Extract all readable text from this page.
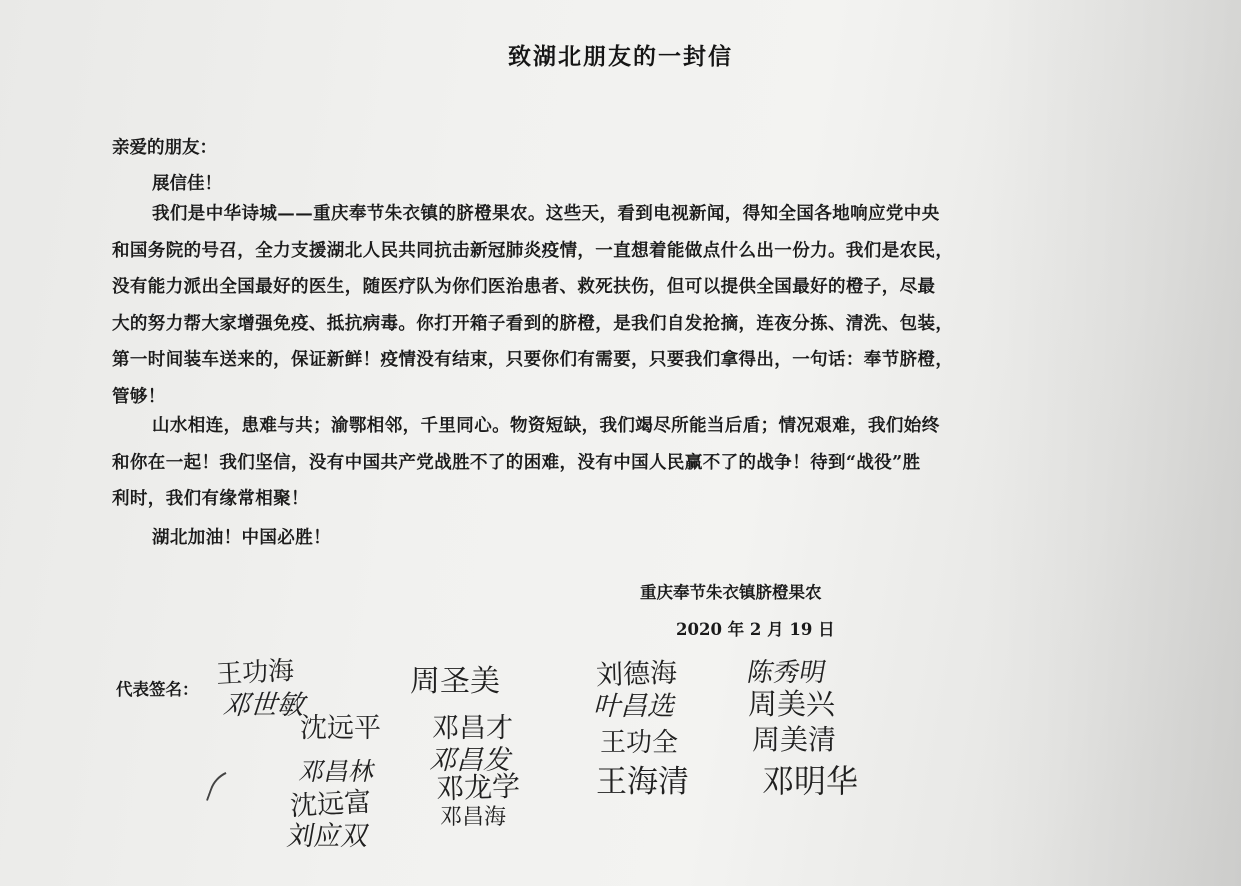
致湖北朋友的一封信
亲爱的朋友：
展信佳！
我们是中华诗城——重庆奉节朱衣镇的脐橙果农。这些天，看到电视新闻，得知全国各地响应党中央
和国务院的号召，全力支援湖北人民共同抗击新冠肺炎疫情，一直想着能做点什么出一份力。我们是农民，
没有能力派出全国最好的医生，随医疗队为你们医治患者、救死扶伤，但可以提供全国最好的橙子，尽最
大的努力帮大家增强免疫、抵抗病毒。你打开箱子看到的脐橙，是我们自发抢摘，连夜分拣、清洗、包装，
第一时间装车送来的，保证新鲜！疫情没有结束，只要你们有需要，只要我们拿得出，一句话：奉节脐橙，
管够！
山水相连，患难与共；渝鄂相邻，千里同心。物资短缺，我们竭尽所能当后盾；情况艰难，我们始终
和你在一起！我们坚信，没有中国共产党战胜不了的困难，没有中国人民赢不了的战争！待到“战役”胜
利时，我们有缘常相聚！
湖北加油！中国必胜！
重庆奉节朱衣镇脐橙果农
2020 年 2 月 19 日
代表签名： 王功海	周圣美	刘德海	陈秀明
邓世敏	叶昌选 周美兴
沈远平 邓昌才	王功全	周美清
邓昌林 邓昌发
邓龙学 王海清 邓明华
沈远富
刘应双
邓昌海
